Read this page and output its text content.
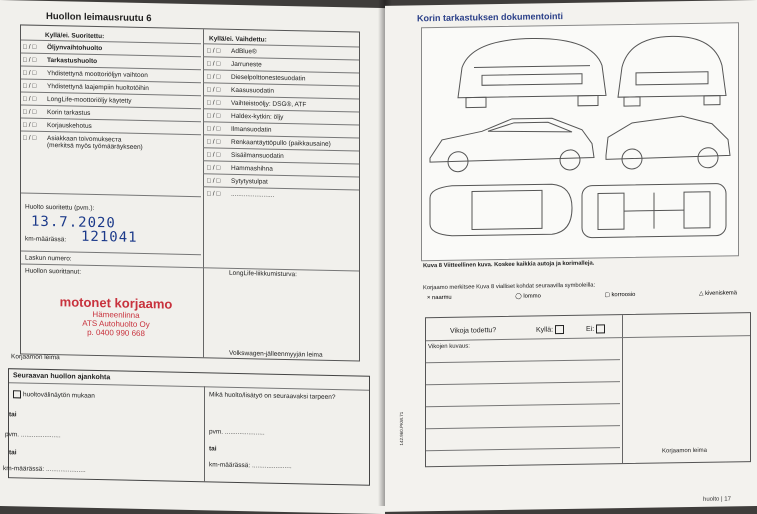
Huollon leimausruutu 6
Kyllä/ei. Suoritettu:	Kyllä/ei. Vaihdettu:
□ / □ Öljynvaihtohuolto
□ / □ Tarkastushuolto
□ / □ Yhdistettynä moottoriöljyn vaihtoon
□ / □ Yhdistettynä laajempiin huoltotöihin
□ / □ LongLife-moottoriöljy käytetty
□ / □ Korin tarkastus
□ / □ Korjauskehotus
□ / □ Asiakkaan toivomukseста
(merkitsä myös työmääräykseen)
□ / □ AdBlue®
□ / □ Jarruneste
□ / □ Dieselpolttonestesuodatin
□ / □ Kaasusuodatin
□ / □ Vaihteistoöljy: DSG®, ATF
□ / □ Haldex-kytkin: öljy
□ / □ Ilmansuodatin
□ / □ Renkaantäyttöpullo (paikkausaine)
□ / □ Sisäilmansuodatin
□ / □ Hammashihna
□ / □ Sytytystulpat
□ / □ ........................
Huolto suoritettu (pvm.):
13.7.2020
km-määrässä: 121041
Laskun numero:
Huollon suorittanut:	LongLife-liikkumisturva:
motonet korjaamo
Hämeenlinna
ATS Autohuolto Oy
p. 0400 990 668
Korjaamon leima	Volkswagen-jälleenmyyjän leima
Seuraavan huollon ajankohta
huoltovälinäytön mukaan	Mikä huolto/lisätyö on seuraavaksi tarpeen?
tai
pvm. ......................	pvm. ......................
tai
tai
km-määrässä: ......................
km-määrässä: ......................
Korin tarkastuksen dokumentointi
Kuva 8 Viitteellinen kuva. Koskee kaikkia autoja ja korimalleja.
Korjaamo merkitsee Kuva 8 vialliset kohdat seuraavilla symboleilla:
× naarmu	◯ lommo	▢ korroosio	△ kiveniskemä
Vikoja todettu?	Kyllä:	Ei:
Vikojen kuvaus:
Korjaamon leima
142.960.PKW.71
huolto | 17
